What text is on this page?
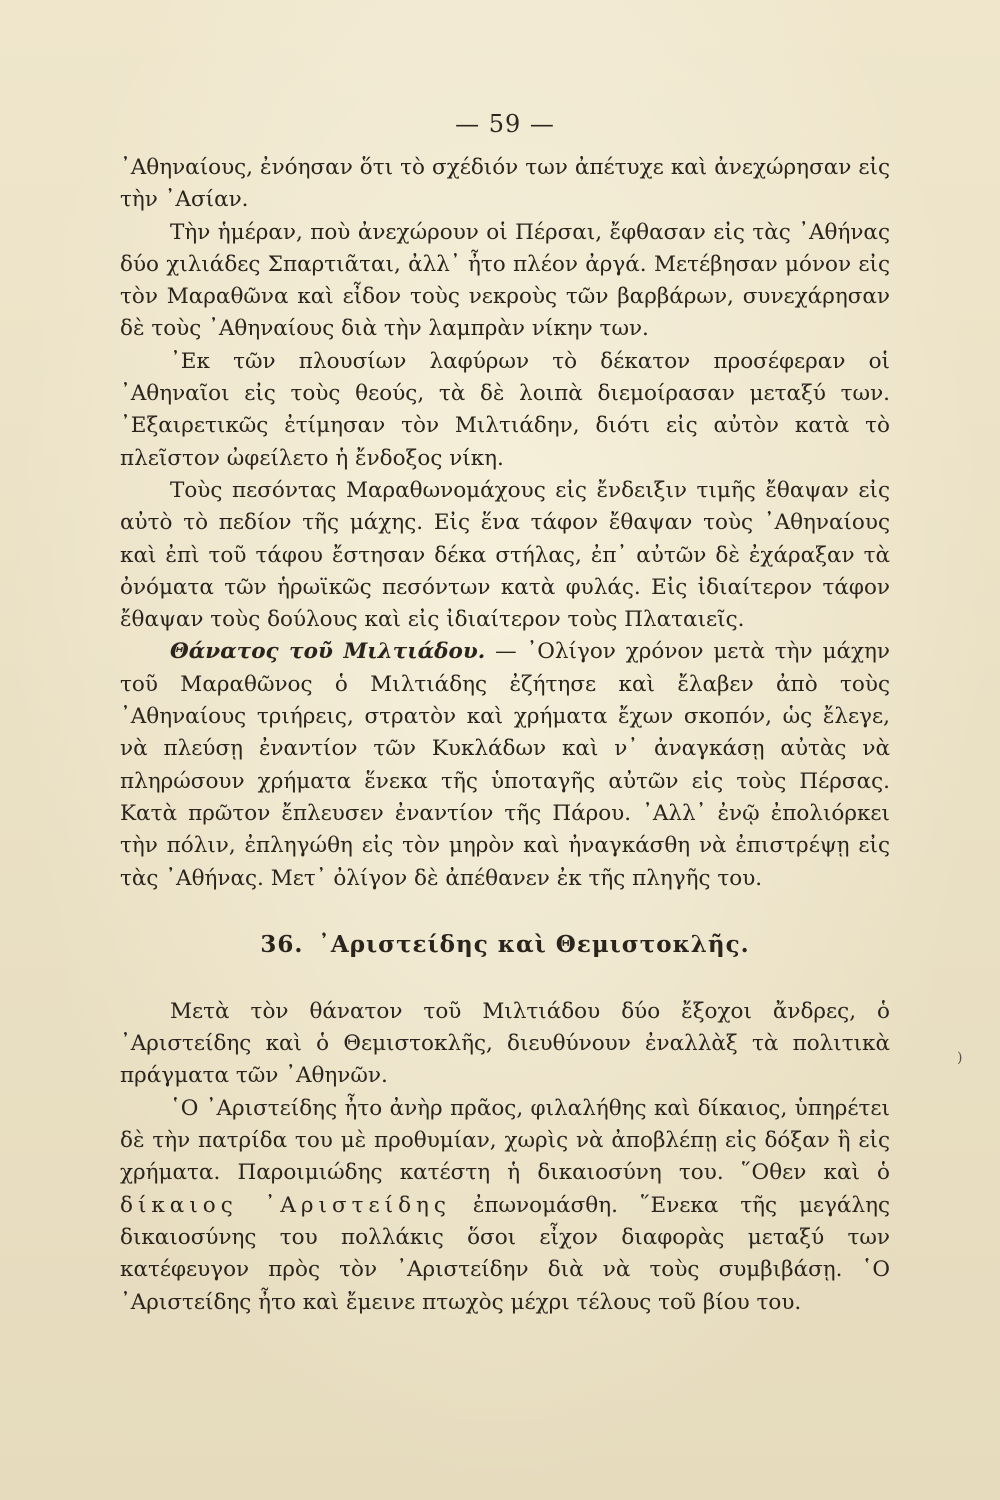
— 59 —

᾽Αθηναίους, ἐνόησαν ὅτι τὸ σχέδιόν των ἀπέτυχε καὶ ἀνεχώρησαν εἰς τὴν ᾽Ασίαν.

Τὴν ἡμέραν, ποὺ ἀνεχώρουν οἱ Πέρσαι, ἔφθασαν εἰς τὰς ᾽Αθήνας δύο χιλιάδες Σπαρτιᾶται, ἀλλ᾽ ἦτο πλέον ἀργά. Μετέβησαν μόνον εἰς τὸν Μαραθῶνα καὶ εἶδον τοὺς νεκροὺς τῶν βαρβάρων, συνεχάρησαν δὲ τοὺς ᾽Αθηναίους διὰ τὴν λαμπρὰν νίκην των.

᾽Εκ τῶν πλουσίων λαφύρων τὸ δέκατον προσέφεραν οἱ ᾽Αθηναῖοι εἰς τοὺς θεούς, τὰ δὲ λοιπὰ διεμοίρασαν μεταξύ των. ᾽Εξαιρετικῶς ἐτίμησαν τὸν Μιλτιάδην, διότι εἰς αὐτὸν κατὰ τὸ πλεῖστον ὠφείλετο ἡ ἔνδοξος νίκη.

Τοὺς πεσόντας Μαραθωνομάχους εἰς ἔνδειξιν τιμῆς ἔθαψαν εἰς αὐτὸ τὸ πεδίον τῆς μάχης. Εἰς ἕνα τάφον ἔθαψαν τοὺς ᾽Αθηναίους καὶ ἐπὶ τοῦ τάφου ἔστησαν δέκα στήλας, ἐπ᾽ αὐτῶν δὲ ἐχάραξαν τὰ ὀνόματα τῶν ἡρωϊκῶς πεσόντων κατὰ φυλάς. Εἰς ἰδιαίτερον τάφον ἔθαψαν τοὺς δούλους καὶ εἰς ἰδιαίτερον τοὺς Πλαταιεῖς.

Θάνατος τοῦ Μιλτιάδου. — ᾽Ολίγον χρόνον μετὰ τὴν μάχην τοῦ Μαραθῶνος ὁ Μιλτιάδης ἐζήτησε καὶ ἔλαβεν ἀπὸ τοὺς ᾽Αθηναίους τριήρεις, στρατὸν καὶ χρήματα ἔχων σκοπόν, ὡς ἔλεγε, νὰ πλεύσῃ ἐναντίον τῶν Κυκλάδων καὶ ν᾽ ἀναγκάσῃ αὐτὰς νὰ πληρώσουν χρήματα ἕνεκα τῆς ὑποταγῆς αὐτῶν εἰς τοὺς Πέρσας. Κατὰ πρῶτον ἔπλευσεν ἐναντίον τῆς Πάρου. ᾽Αλλ᾽ ἐνῷ ἐπολιόρκει τὴν πόλιν, ἐπληγώθη εἰς τὸν μηρὸν καὶ ἠναγκάσθη νὰ ἐπιστρέψῃ εἰς τὰς ᾽Αθήνας. Μετ᾽ ὀλίγον δὲ ἀπέθανεν ἐκ τῆς πληγῆς του.

36. ᾽Αριστείδης καὶ Θεμιστοκλῆς.

Μετὰ τὸν θάνατον τοῦ Μιλτιάδου δύο ἔξοχοι ἄνδρες, ὁ ᾽Αριστείδης καὶ ὁ Θεμιστοκλῆς, διευθύνουν ἐναλλὰξ τὰ πολιτικὰ πράγματα τῶν ᾽Αθηνῶν.

῾Ο ᾽Αριστείδης ἦτο ἀνὴρ πρᾶος, φιλαλήθης καὶ δίκαιος, ὑπηρέτει δὲ τὴν πατρίδα του μὲ προθυμίαν, χωρὶς νὰ ἀποβλέπῃ εἰς δόξαν ἢ εἰς χρήματα. Παροιμιώδης κατέστη ἡ δικαιοσύνη του. ῞Οθεν καὶ ὁ δίκαιος ᾽Αριστείδης ἐπωνομάσθη. ῞Ενεκα τῆς μεγάλης δικαιοσύνης του πολλάκις ὅσοι εἶχον διαφορὰς μεταξύ των κατέφευγον πρὸς τὸν ᾽Αριστείδην διὰ νὰ τοὺς συμβιβάσῃ. ῾Ο ᾽Αριστείδης ἦτο καὶ ἔμεινε πτωχὸς μέχρι τέλους τοῦ βίου του.

)
